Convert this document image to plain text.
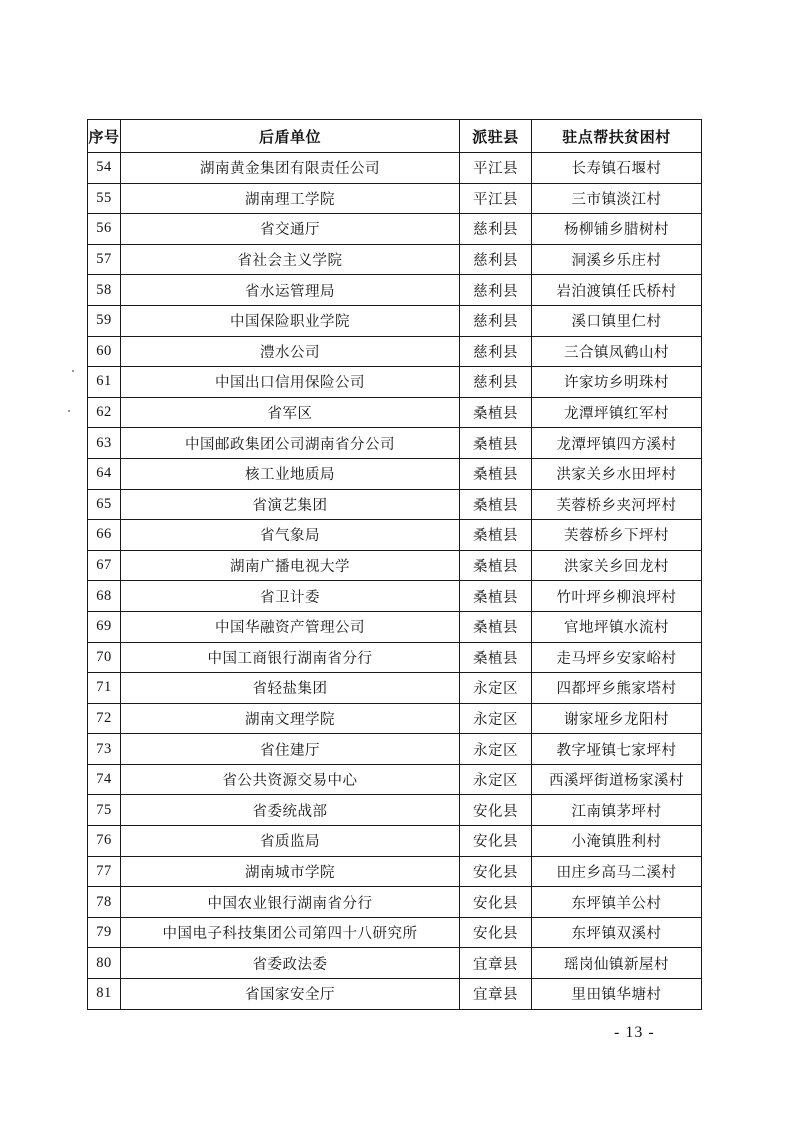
序号	后盾单位	派驻县	驻点帮扶贫困村
54	湖南黄金集团有限责任公司	平江县	长寿镇石堰村
55	湖南理工学院	平江县	三市镇淡江村
56	省交通厅	慈利县	杨柳铺乡腊树村
57	省社会主义学院	慈利县	洞溪乡乐庄村
58	省水运管理局	慈利县	岩泊渡镇任氏桥村
59	中国保险职业学院	慈利县	溪口镇里仁村
60	澧水公司	慈利县	三合镇凤鹤山村
61	中国出口信用保险公司	慈利县	许家坊乡明珠村
62	省军区	桑植县	龙潭坪镇红军村
63	中国邮政集团公司湖南省分公司	桑植县	龙潭坪镇四方溪村
64	核工业地质局	桑植县	洪家关乡水田坪村
65	省演艺集团	桑植县	芙蓉桥乡夹河坪村
66	省气象局	桑植县	芙蓉桥乡下坪村
67	湖南广播电视大学	桑植县	洪家关乡回龙村
68	省卫计委	桑植县	竹叶坪乡柳浪坪村
69	中国华融资产管理公司	桑植县	官地坪镇水流村
70	中国工商银行湖南省分行	桑植县	走马坪乡安家峪村
71	省轻盐集团	永定区	四都坪乡熊家塔村
72	湖南文理学院	永定区	谢家垭乡龙阳村
73	省住建厅	永定区	教字垭镇七家坪村
74	省公共资源交易中心	永定区	西溪坪街道杨家溪村
75	省委统战部	安化县	江南镇茅坪村
76	省质监局	安化县	小淹镇胜利村
77	湖南城市学院	安化县	田庄乡高马二溪村
78	中国农业银行湖南省分行	安化县	东坪镇羊公村
79	中国电子科技集团公司第四十八研究所	安化县	东坪镇双溪村
80	省委政法委	宜章县	瑶岗仙镇新屋村
81	省国家安全厅	宜章县	里田镇华塘村
- 13 -
